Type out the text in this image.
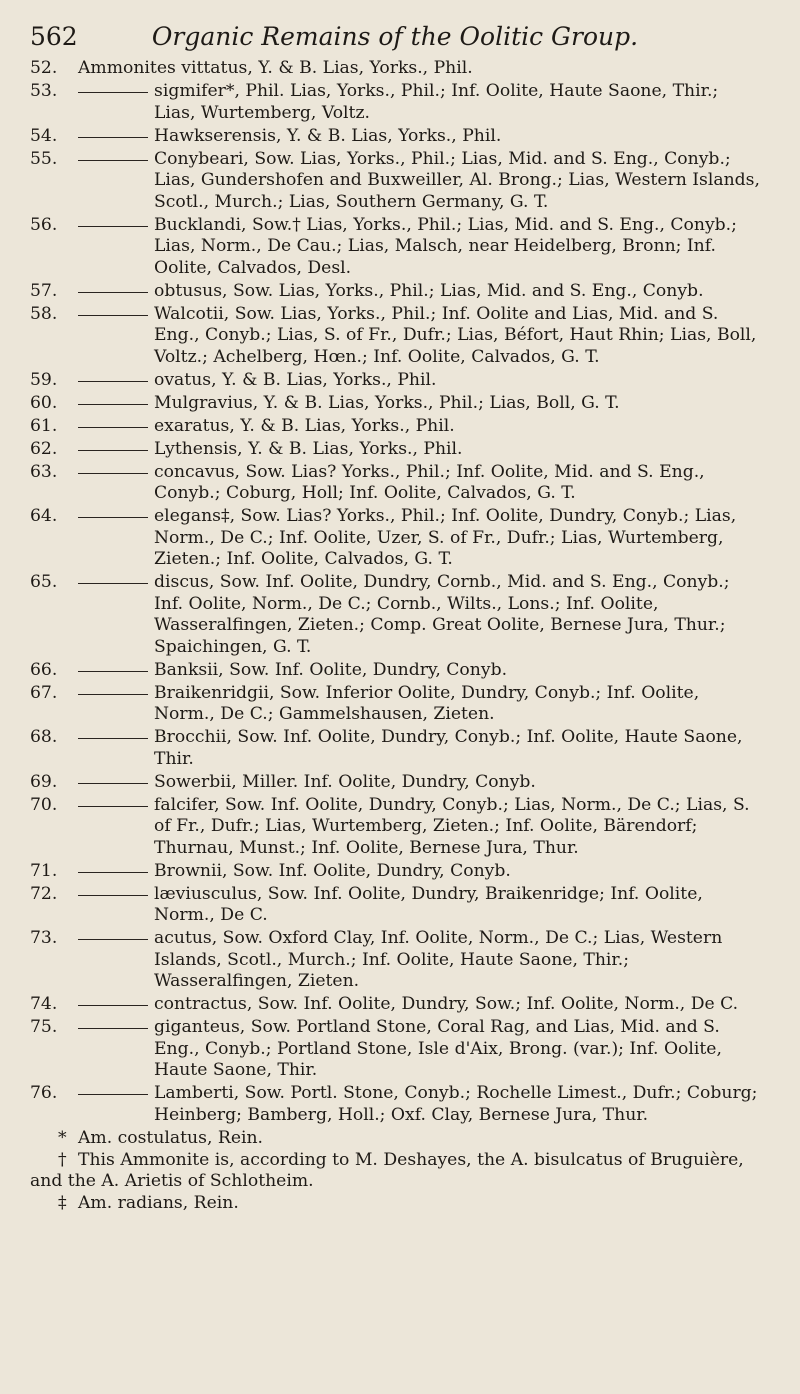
562	Organic Remains of the Oolitic Group.
52.	Ammonites vittatus, Y. & B. Lias, Yorks., Phil.
53.	sigmifer*, Phil. Lias, Yorks., Phil.; Inf. Oolite, Haute Saone, Thir.; Lias, Wurtemberg, Voltz.
54.	Hawkserensis, Y. & B. Lias, Yorks., Phil.
55.	Conybeari, Sow. Lias, Yorks., Phil.; Lias, Mid. and S. Eng., Conyb.; Lias, Gundershofen and Buxweiller, Al. Brong.; Lias, Western Islands, Scotl., Murch.; Lias, Southern Germany, G. T.
56.	Bucklandi, Sow.† Lias, Yorks., Phil.; Lias, Mid. and S. Eng., Conyb.; Lias, Norm., De Cau.; Lias, Malsch, near Heidelberg, Bronn; Inf. Oolite, Calvados, Desl.
57.	obtusus, Sow. Lias, Yorks., Phil.; Lias, Mid. and S. Eng., Conyb.
58.	Walcotii, Sow. Lias, Yorks., Phil.; Inf. Oolite and Lias, Mid. and S. Eng., Conyb.; Lias, S. of Fr., Dufr.; Lias, Béfort, Haut Rhin; Lias, Boll, Voltz.; Achelberg, Hœn.; Inf. Oolite, Calvados, G. T.
59.	ovatus, Y. & B. Lias, Yorks., Phil.
60.	Mulgravius, Y. & B. Lias, Yorks., Phil.; Lias, Boll, G. T.
61.	exaratus, Y. & B. Lias, Yorks., Phil.
62.	Lythensis, Y. & B. Lias, Yorks., Phil.
63.	concavus, Sow. Lias? Yorks., Phil.; Inf. Oolite, Mid. and S. Eng., Conyb.; Coburg, Holl; Inf. Oolite, Calvados, G. T.
64.	elegans‡, Sow. Lias? Yorks., Phil.; Inf. Oolite, Dundry, Conyb.; Lias, Norm., De C.; Inf. Oolite, Uzer, S. of Fr., Dufr.; Lias, Wurtemberg, Zieten.; Inf. Oolite, Calvados, G. T.
65.	discus, Sow. Inf. Oolite, Dundry, Cornb., Mid. and S. Eng., Conyb.; Inf. Oolite, Norm., De C.; Cornb., Wilts., Lons.; Inf. Oolite, Wasseralfingen, Zieten.; Comp. Great Oolite, Bernese Jura, Thur.; Spaichingen, G. T.
66.	Banksii, Sow. Inf. Oolite, Dundry, Conyb.
67.	Braikenridgii, Sow. Inferior Oolite, Dundry, Conyb.; Inf. Oolite, Norm., De C.; Gammelshausen, Zieten.
68.	Brocchii, Sow. Inf. Oolite, Dundry, Conyb.; Inf. Oolite, Haute Saone, Thir.
69.	Sowerbii, Miller. Inf. Oolite, Dundry, Conyb.
70.	falcifer, Sow. Inf. Oolite, Dundry, Conyb.; Lias, Norm., De C.; Lias, S. of Fr., Dufr.; Lias, Wurtemberg, Zieten.; Inf. Oolite, Bärendorf; Thurnau, Munst.; Inf. Oolite, Bernese Jura, Thur.
71.	Brownii, Sow. Inf. Oolite, Dundry, Conyb.
72.	læviusculus, Sow. Inf. Oolite, Dundry, Braikenridge; Inf. Oolite, Norm., De C.
73.	acutus, Sow. Oxford Clay, Inf. Oolite, Norm., De C.; Lias, Western Islands, Scotl., Murch.; Inf. Oolite, Haute Saone, Thir.; Wasseralfingen, Zieten.
74.	contractus, Sow. Inf. Oolite, Dundry, Sow.; Inf. Oolite, Norm., De C.
75.	giganteus, Sow. Portland Stone, Coral Rag, and Lias, Mid. and S. Eng., Conyb.; Portland Stone, Isle d'Aix, Brong. (var.); Inf. Oolite, Haute Saone, Thir.
76.	Lamberti, Sow. Portl. Stone, Conyb.; Rochelle Limest., Dufr.; Coburg; Heinberg; Bamberg, Holl.; Oxf. Clay, Bernese Jura, Thur.
* Am. costulatus, Rein.
† This Ammonite is, according to M. Deshayes, the A. bisulcatus of Bruguière,
and the A. Arietis of Schlotheim.
‡ Am. radians, Rein.
